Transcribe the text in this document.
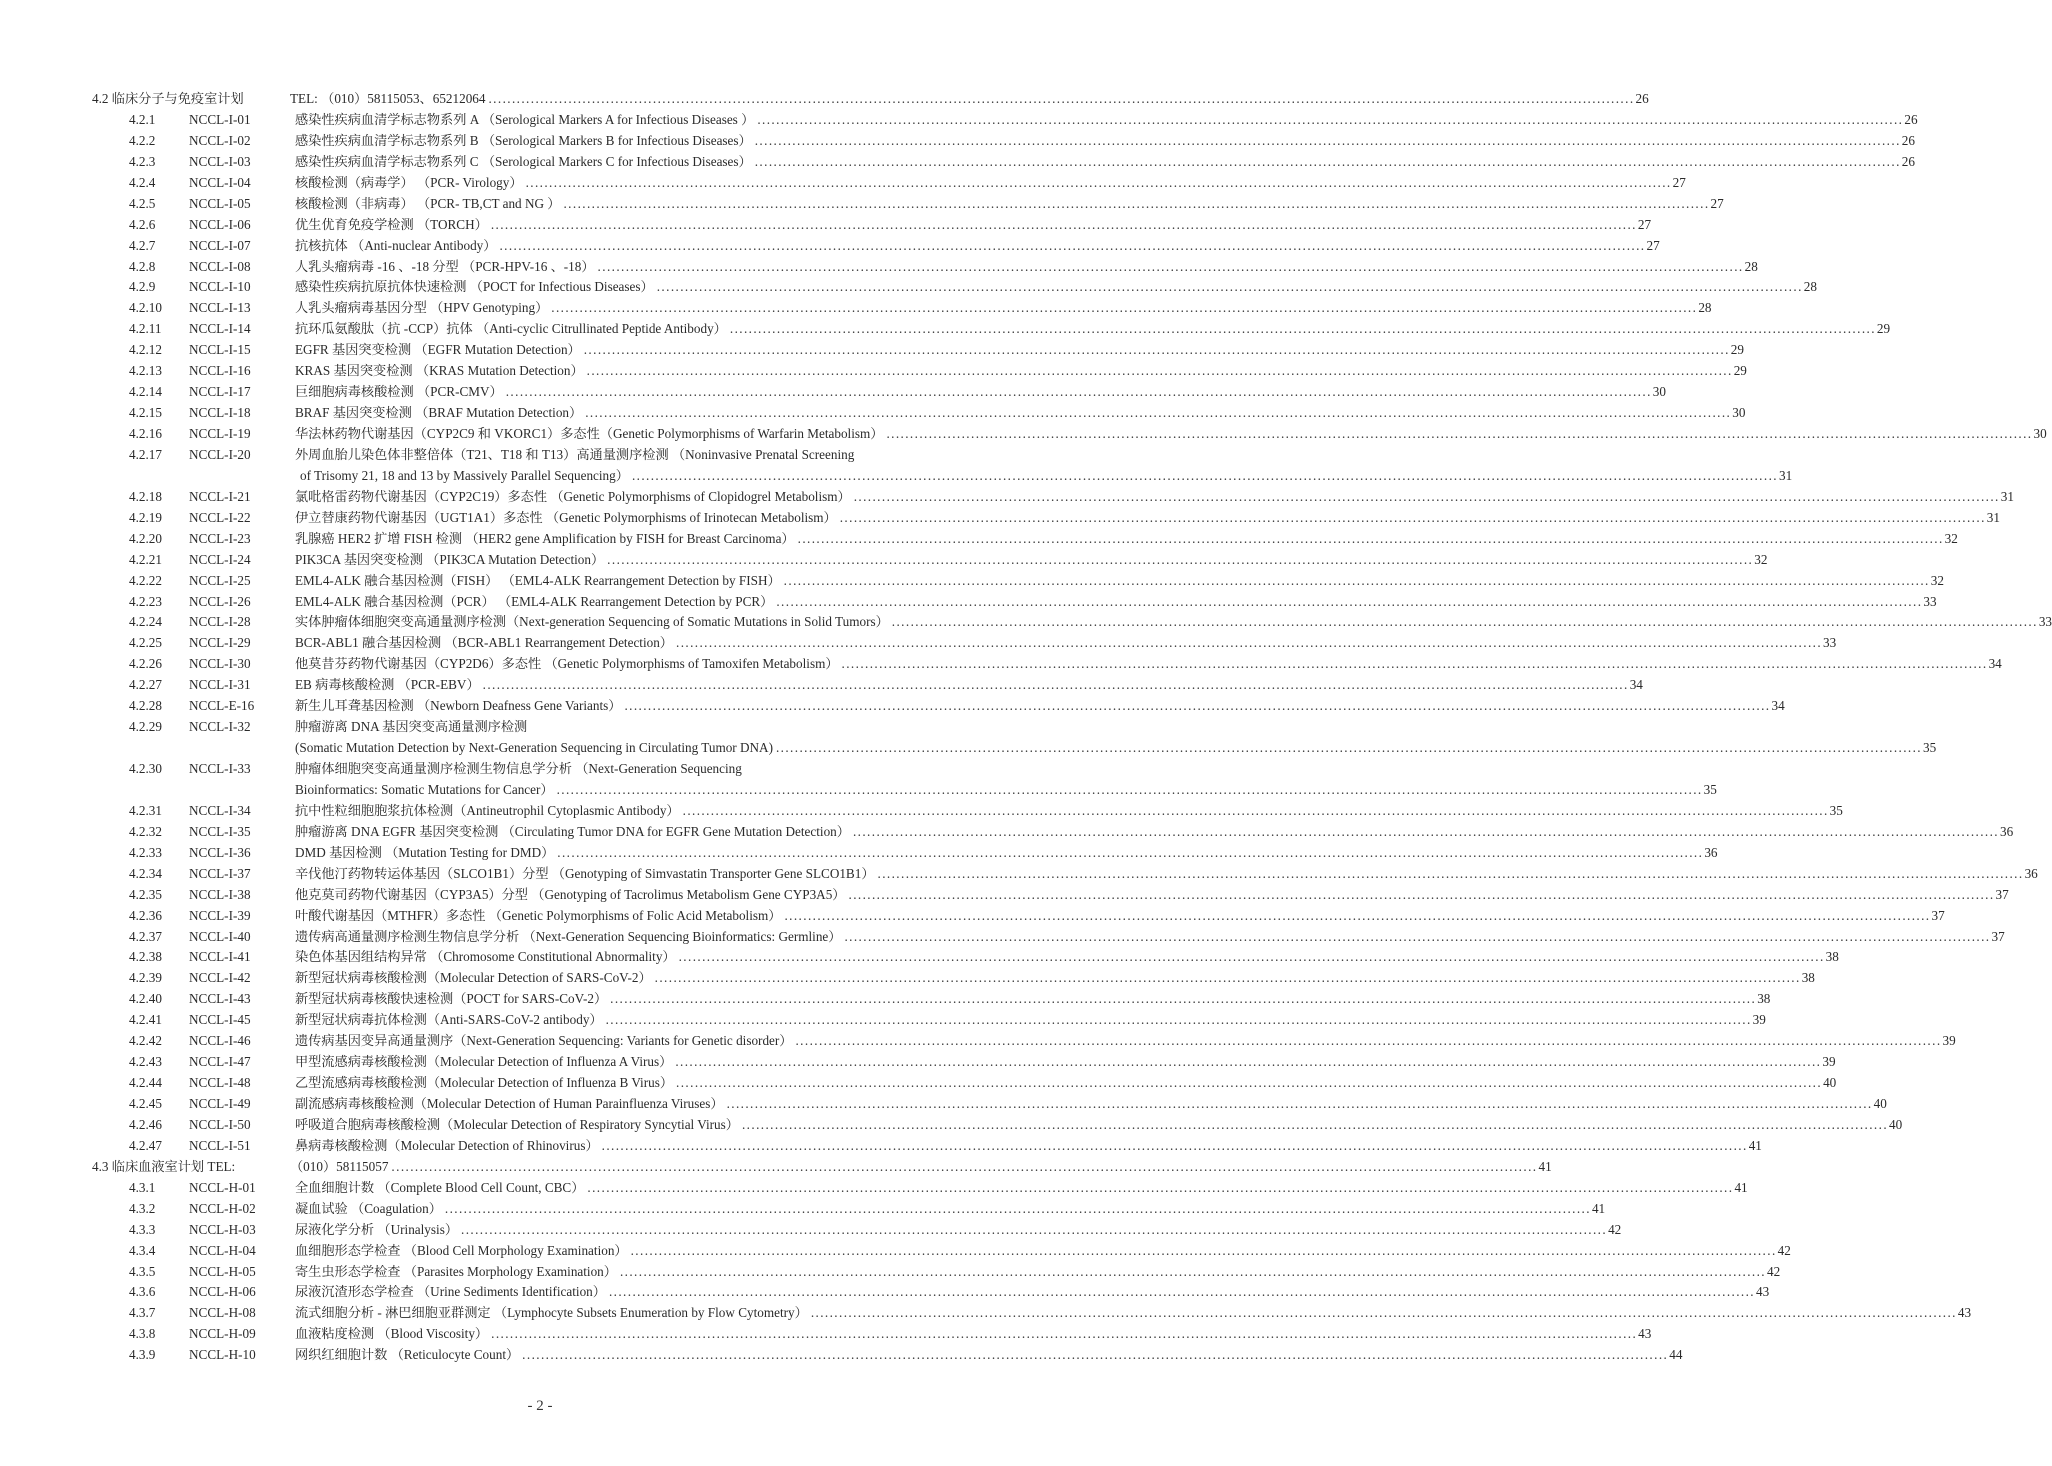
4.2 临床分子与免疫室计划	TEL: （010）58115053、65212064 .....	26
4.2.1	NCCL-I-01	感染性疾病血清学标志物系列 A （Serological Markers A for Infectious Diseases ） .....	26
4.2.2	NCCL-I-02	感染性疾病血清学标志物系列 B （Serological Markers B for Infectious Diseases） .....	26
4.2.3	NCCL-I-03	感染性疾病血清学标志物系列 C （Serological Markers C for Infectious Diseases） .....	26
4.2.4	NCCL-I-04	核酸检测（病毒学） （PCR- Virology） .....	27
4.2.5	NCCL-I-05	核酸检测（非病毒） （PCR- TB,CT and NG ） .....	27
4.2.6	NCCL-I-06	优生优育免疫学检测 （TORCH） .....	27
4.2.7	NCCL-I-07	抗核抗体 （Anti-nuclear Antibody） .....	27
4.2.8	NCCL-I-08	人乳头瘤病毒 -16 、-18 分型 （PCR-HPV-16 、-18） .....	28
4.2.9	NCCL-I-10	感染性疾病抗原抗体快速检测 （POCT for Infectious Diseases） .....	28
4.2.10 NCCL-I-13	人乳头瘤病毒基因分型 （HPV Genotyping） .....	28
4.2.11 NCCL-I-14	抗环瓜氨酸肽（抗 -CCP）抗体 （Anti-cyclic Citrullinated Peptide Antibody） .....	29
4.2.12 NCCL-I-15	EGFR 基因突变检测 （EGFR Mutation Detection） .....	29
4.2.13 NCCL-I-16	KRAS 基因突变检测 （KRAS Mutation Detection） .....	29
4.2.14 NCCL-I-17	巨细胞病毒核酸检测 （PCR-CMV） .....	30
4.2.15 NCCL-I-18	BRAF 基因突变检测 （BRAF Mutation Detection） .....	30
4.2.16 NCCL-I-19	华法林药物代谢基因（CYP2C9 和 VKORC1）多态性（Genetic Polymorphisms of Warfarin Metabolism） .....	30
4.2.17 NCCL-I-20	外周血胎儿染色体非整倍体（T21、T18 和 T13）高通量测序检测 （Noninvasive Prenatal Screening
of Trisomy 21, 18 and 13 by Massively Parallel Sequencing） .....	31
4.2.18 NCCL-I-21	氯吡格雷药物代谢基因（CYP2C19）多态性 （Genetic Polymorphisms of Clopidogrel Metabolism） .....	31
4.2.19 NCCL-I-22	伊立替康药物代谢基因（UGT1A1）多态性 （Genetic Polymorphisms of Irinotecan Metabolism） .....	31
4.2.20 NCCL-I-23	乳腺癌 HER2 扩增 FISH 检测 （HER2 gene Amplification by FISH for Breast Carcinoma） .....	32
4.2.21 NCCL-I-24	PIK3CA 基因突变检测 （PIK3CA Mutation Detection） .....	32
4.2.22 NCCL-I-25	EML4-ALK 融合基因检测（FISH） （EML4-ALK Rearrangement Detection by FISH） .....	32
4.2.23 NCCL-I-26	EML4-ALK 融合基因检测（PCR） （EML4-ALK Rearrangement Detection by PCR） .....	33
4.2.24 NCCL-I-28	实体肿瘤体细胞突变高通量测序检测（Next-generation Sequencing of Somatic Mutations in Solid Tumors） .....	33
4.2.25 NCCL-I-29	BCR-ABL1 融合基因检测 （BCR-ABL1 Rearrangement Detection） .....	33
4.2.26 NCCL-I-30	他莫昔芬药物代谢基因（CYP2D6）多态性 （Genetic Polymorphisms of Tamoxifen Metabolism） .....	34
4.2.27 NCCL-I-31	EB 病毒核酸检测 （PCR-EBV） .....	34
4.2.28 NCCL-E-16	新生儿耳聋基因检测 （Newborn Deafness Gene Variants） .....	34
4.2.29 NCCL-I-32	肿瘤游离 DNA 基因突变高通量测序检测
(Somatic Mutation Detection by Next-Generation Sequencing in Circulating Tumor DNA) .....	35
4.2.30 NCCL-I-33	肿瘤体细胞突变高通量测序检测生物信息学分析 （Next-Generation Sequencing
Bioinformatics: Somatic Mutations for Cancer） .....	35
4.2.31 NCCL-I-34	抗中性粒细胞胞浆抗体检测（Antineutrophil Cytoplasmic Antibody） .....	35
4.2.32 NCCL-I-35	肿瘤游离 DNA EGFR 基因突变检测 （Circulating Tumor DNA for EGFR Gene Mutation Detection） .....	36
4.2.33 NCCL-I-36	DMD 基因检测 （Mutation Testing for DMD） .....	36
4.2.34 NCCL-I-37	辛伐他汀药物转运体基因（SLCO1B1）分型 （Genotyping of Simvastatin Transporter Gene SLCO1B1） .....	36
4.2.35 NCCL-I-38	他克莫司药物代谢基因（CYP3A5）分型 （Genotyping of Tacrolimus Metabolism Gene CYP3A5） .....	37
4.2.36 NCCL-I-39	叶酸代谢基因（MTHFR）多态性 （Genetic Polymorphisms of Folic Acid Metabolism） .....	37
4.2.37 NCCL-I-40	遗传病高通量测序检测生物信息学分析 （Next-Generation Sequencing Bioinformatics: Germline） .....	37
4.2.38 NCCL-I-41	染色体基因组结构异常 （Chromosome Constitutional Abnormality） .....	38
4.2.39 NCCL-I-42	新型冠状病毒核酸检测（Molecular Detection of SARS-CoV-2） .....	38
4.2.40 NCCL-I-43	新型冠状病毒核酸快速检测（POCT for SARS-CoV-2） .....	38
4.2.41 NCCL-I-45	新型冠状病毒抗体检测（Anti-SARS-CoV-2 antibody） .....	39
4.2.42 NCCL-I-46	遗传病基因变异高通量测序（Next-Generation Sequencing: Variants for Genetic disorder） .....	39
4.2.43 NCCL-I-47	甲型流感病毒核酸检测（Molecular Detection of Influenza A Virus） .....	39
4.2.44 NCCL-I-48	乙型流感病毒核酸检测（Molecular Detection of Influenza B Virus） .....	40
4.2.45 NCCL-I-49	副流感病毒核酸检测（Molecular Detection of Human Parainfluenza Viruses） .....	40
4.2.46 NCCL-I-50	呼吸道合胞病毒核酸检测（Molecular Detection of Respiratory Syncytial Virus） .....	40
4.2.47 NCCL-I-51	鼻病毒核酸检测（Molecular Detection of Rhinovirus） .....	41
4.3 临床血液室计划 TEL:	（010）58115057 .....	41
4.3.1	NCCL-H-01	全血细胞计数 （Complete Blood Cell Count, CBC） .....	41
4.3.2	NCCL-H-02	凝血试验 （Coagulation） .....	41
4.3.3	NCCL-H-03	尿液化学分析 （Urinalysis） .....	42
4.3.4	NCCL-H-04	血细胞形态学检查 （Blood Cell Morphology Examination） .....	42
4.3.5	NCCL-H-05	寄生虫形态学检查 （Parasites Morphology Examination） .....	42
4.3.6	NCCL-H-06	尿液沉渣形态学检查 （Urine Sediments Identification） .....	43
4.3.7	NCCL-H-08	流式细胞分析 - 淋巴细胞亚群测定 （Lymphocyte Subsets Enumeration by Flow Cytometry） .....	43
4.3.8	NCCL-H-09	血液粘度检测 （Blood Viscosity） .....	43
4.3.9	NCCL-H-10	网织红细胞计数 （Reticulocyte Count） .....	44
- 2 -
